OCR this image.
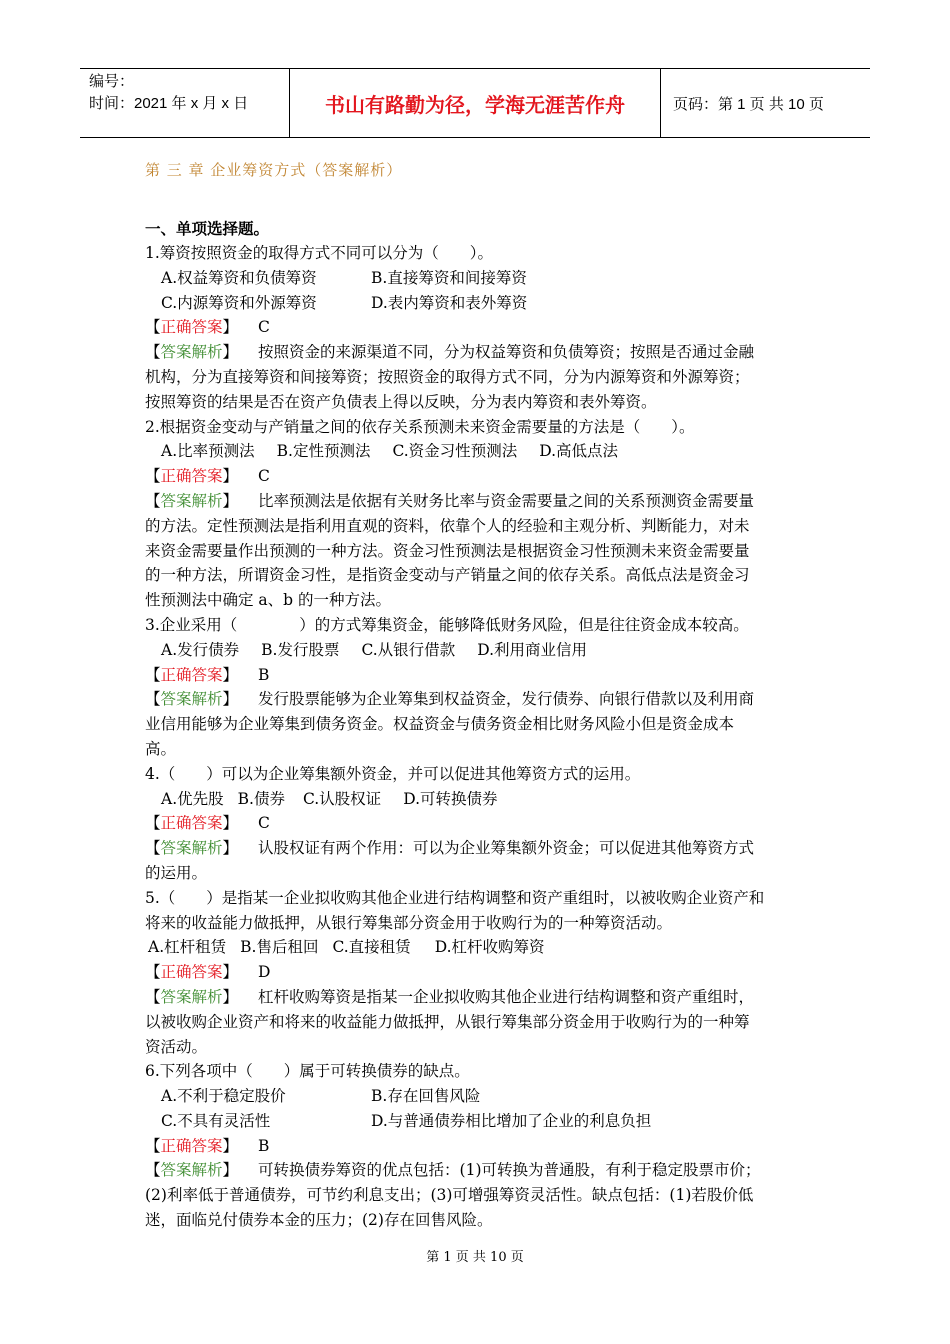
编号：
时间：2021 年 x 月 x 日	书山有路勤为径，学海无涯苦作舟	页码：第 1 页 共 10 页
第 三 章 企业筹资方式（答案解析）
一、单项选择题。
1.筹资按照资金的取得方式不同可以分为（　　）。
A.权益筹资和负债筹资	B.直接筹资和间接筹资
C.内源筹资和外源筹资	D.表内筹资和表外筹资
【正确答案】 C
【答案解析】 按照资金的来源渠道不同，分为权益筹资和负债筹资；按照是否通过金融
机构，分为直接筹资和间接筹资；按照资金的取得方式不同，分为内源筹资和外源筹资；
按照筹资的结果是否在资产负债表上得以反映，分为表内筹资和表外筹资。
2.根据资金变动与产销量之间的依存关系预测未来资金需要量的方法是（　　）。
A.比率预测法 B.定性预测法 C.资金习性预测法 D.高低点法
【正确答案】 C
【答案解析】 比率预测法是依据有关财务比率与资金需要量之间的关系预测资金需要量
的方法。定性预测法是指利用直观的资料，依靠个人的经验和主观分析、判断能力，对未
来资金需要量作出预测的一种方法。资金习性预测法是根据资金习性预测未来资金需要量
的一种方法，所谓资金习性，是指资金变动与产销量之间的依存关系。高低点法是资金习
性预测法中确定 a、b 的一种方法。
3.企业采用（　　　　）的方式筹集资金，能够降低财务风险，但是往往资金成本较高。
A.发行债券 B.发行股票 C.从银行借款 D.利用商业信用
【正确答案】 B
【答案解析】 发行股票能够为企业筹集到权益资金，发行债券、向银行借款以及利用商
业信用能够为企业筹集到债务资金。权益资金与债务资金相比财务风险小但是资金成本
高。
4.（　　）可以为企业筹集额外资金，并可以促进其他筹资方式的运用。
A.优先股 B.债券 C.认股权证 D.可转换债券
【正确答案】 C
【答案解析】 认股权证有两个作用：可以为企业筹集额外资金；可以促进其他筹资方式
的运用。
5.（　　）是指某一企业拟收购其他企业进行结构调整和资产重组时，以被收购企业资产和
将来的收益能力做抵押，从银行筹集部分资金用于收购行为的一种筹资活动。
A.杠杆租赁 B.售后租回 C.直接租赁 D.杠杆收购筹资
【正确答案】 D
【答案解析】 杠杆收购筹资是指某一企业拟收购其他企业进行结构调整和资产重组时，
以被收购企业资产和将来的收益能力做抵押，从银行筹集部分资金用于收购行为的一种筹
资活动。
6.下列各项中（　　）属于可转换债券的缺点。
A.不利于稳定股价	B.存在回售风险
C.不具有灵活性	D.与普通债券相比增加了企业的利息负担
【正确答案】 B
【答案解析】 可转换债券筹资的优点包括：(1)可转换为普通股，有利于稳定股票市价；
(2)利率低于普通债券，可节约利息支出；(3)可增强筹资灵活性。缺点包括：(1)若股价低
迷，面临兑付债券本金的压力；(2)存在回售风险。
第 1 页 共 10 页
